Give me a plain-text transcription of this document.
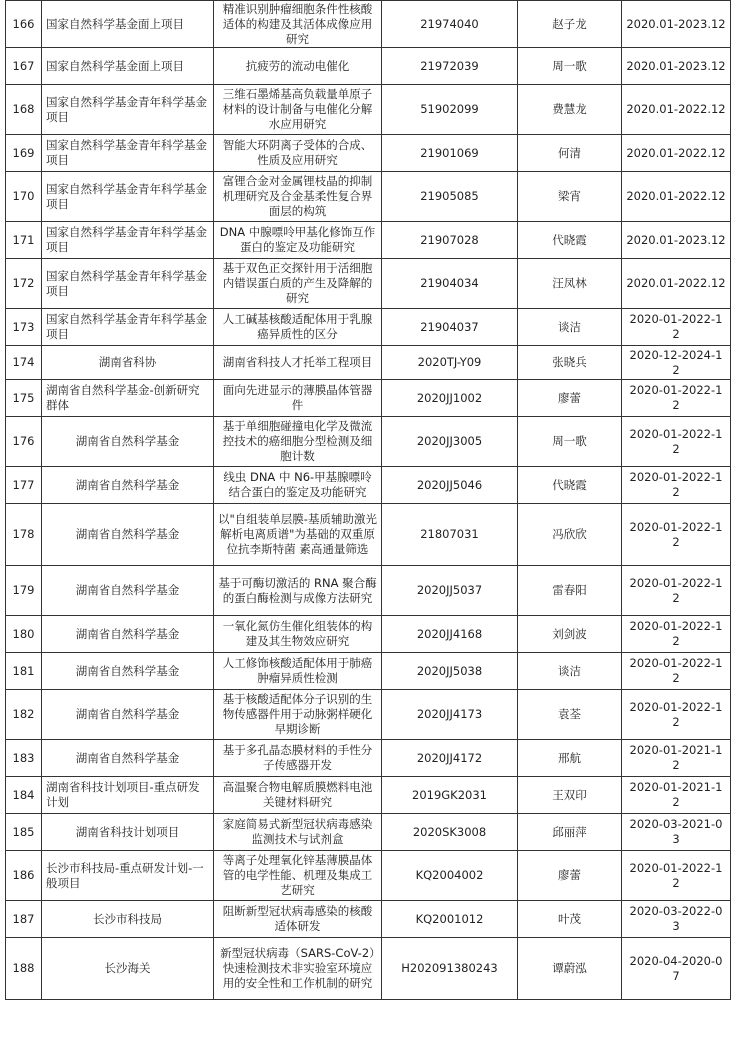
166	国家自然科学基金面上项目	精准识别肿瘤细胞条件性核酸适体的构建及其活体成像应用研究	21974040	赵子龙	2020.01-2023.12
167	国家自然科学基金面上项目	抗疲劳的流动电催化	21972039	周一歌	2020.01-2023.12
168	国家自然科学基金青年科学基金项目	三维石墨烯基高负载量单原子材料的设计制备与电催化分解水应用研究	51902099	费慧龙	2020.01-2022.12
169	国家自然科学基金青年科学基金项目	智能大环阴离子受体的合成、性质及应用研究	21901069	何清	2020.01-2022.12
170	国家自然科学基金青年科学基金项目	富锂合金对金属锂枝晶的抑制机理研究及合金基柔性复合界面层的构筑	21905085	梁宵	2020.01-2022.12
171	国家自然科学基金青年科学基金项目	DNA 中腺嘌呤甲基化修饰互作蛋白的鉴定及功能研究	21907028	代晓霞	2020.01-2023.12
172	国家自然科学基金青年科学基金项目	基于双色正交探针用于活细胞内错误蛋白质的产生及降解的研究	21904034	汪凤林	2020.01-2022.12
173	国家自然科学基金青年科学基金项目	人工碱基核酸适配体用于乳腺癌异质性的区分	21904037	谈洁	2020-01-2022-12
174	湖南省科协	湖南省科技人才托举工程项目	2020TJ-Y09	张晓兵	2020-12-2024-12
175	湖南省自然科学基金-创新研究群体	面向先进显示的薄膜晶体管器件	2020JJ1002	廖蕾	2020-01-2022-12
176	湖南省自然科学基金	基于单细胞碰撞电化学及微流控技术的癌细胞分型检测及细胞计数	2020JJ3005	周一歌	2020-01-2022-12
177	湖南省自然科学基金	线虫 DNA 中 N6-甲基腺嘌呤结合蛋白的鉴定及功能研究	2020JJ5046	代晓霞	2020-01-2022-12
178	湖南省自然科学基金	以"自组装单层膜-基质辅助激光解析电离质谱"为基础的双重原位抗李斯特菌 素高通量筛选	21807031	冯欣欣	2020-01-2022-12
179	湖南省自然科学基金	基于可酶切激活的 RNA 聚合酶的蛋白酶检测与成像方法研究	2020JJ5037	雷春阳	2020-01-2022-12
180	湖南省自然科学基金	一氧化氮仿生催化组装体的构建及其生物效应研究	2020JJ4168	刘剑波	2020-01-2022-12
181	湖南省自然科学基金	人工修饰核酸适配体用于肺癌肿瘤异质性检测	2020JJ5038	谈洁	2020-01-2022-12
182	湖南省自然科学基金	基于核酸适配体分子识别的生物传感器件用于动脉粥样硬化早期诊断	2020JJ4173	袁荃	2020-01-2022-12
183	湖南省自然科学基金	基于多孔晶态膜材料的手性分子传感器开发	2020JJ4172	邢航	2020-01-2021-12
184	湖南省科技计划项目-重点研发计划	高温聚合物电解质膜燃料电池关键材料研究	2019GK2031	王双印	2020-01-2021-12
185	湖南省科技计划项目	家庭简易式新型冠状病毒感染监测技术与试剂盒	2020SK3008	邱丽萍	2020-03-2021-03
186	长沙市科技局-重点研发计划-一般项目	等离子处理氧化锌基薄膜晶体管的电学性能、机理及集成工艺研究	KQ2004002	廖蕾	2020-01-2022-12
187	长沙市科技局	阻断新型冠状病毒感染的核酸适体研发	KQ2001012	叶茂	2020-03-2022-03
188	长沙海关	新型冠状病毒（SARS-CoV-2）快速检测技术非实验室环境应用的安全性和工作机制的研究	H202091380243	谭蔚泓	2020-04-2020-07
